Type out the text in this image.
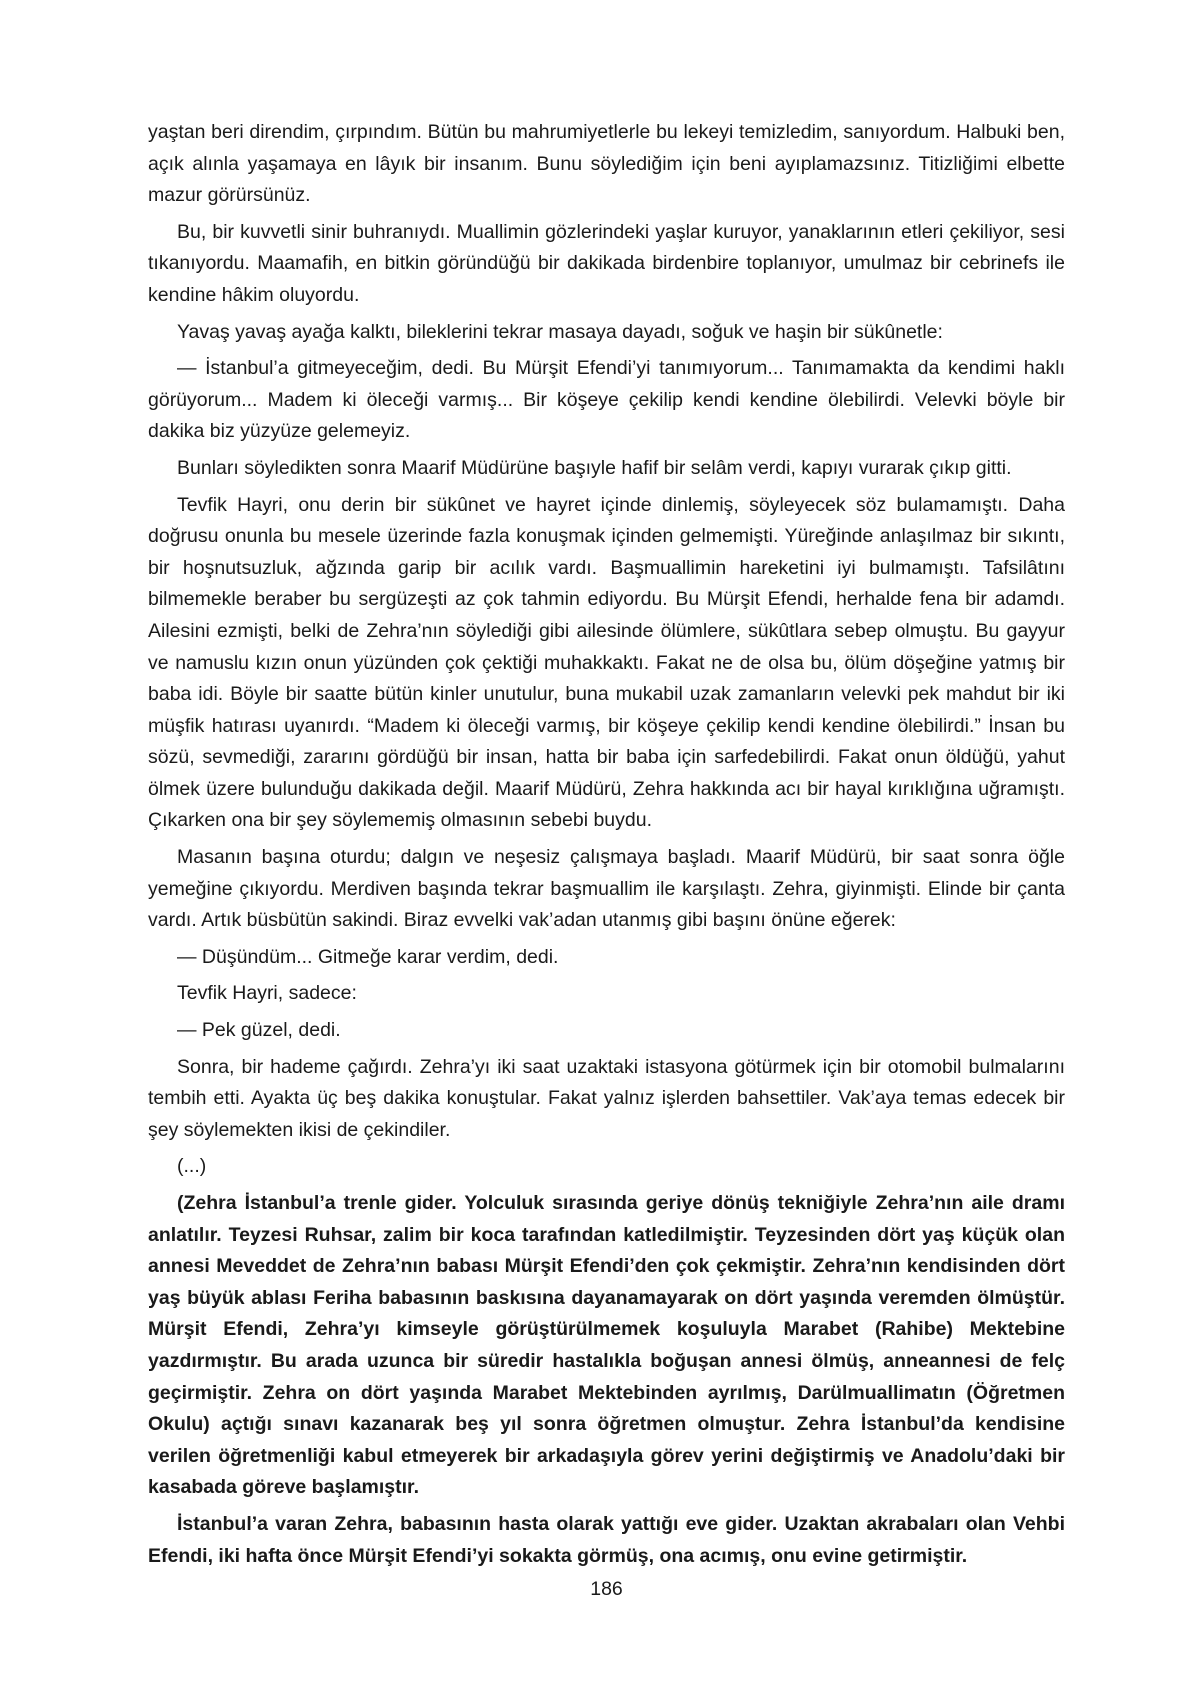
yaştan beri direndim, çırpındım. Bütün bu mahrumiyetlerle bu lekeyi temizledim, sanıyordum. Halbuki ben, açık alınla yaşamaya en lâyık bir insanım. Bunu söylediğim için beni ayıplamazsınız. Titizliğimi elbette mazur görürsünüz.

Bu, bir kuvvetli sinir buhranıydı. Muallimin gözlerindeki yaşlar kuruyor, yanaklarının etleri çekiliyor, sesi tıkanıyordu. Maamafih, en bitkin göründüğü bir dakikada birdenbire toplanıyor, umulmaz bir cebrinefs ile kendine hâkim oluyordu.

Yavaş yavaş ayağa kalktı, bileklerini tekrar masaya dayadı, soğuk ve haşin bir sükûnetle:

— İstanbul’a gitmeyeceğim, dedi. Bu Mürşit Efendi’yi tanımıyorum... Tanımamakta da kendimi haklı görüyorum... Madem ki öleceği varmış... Bir köşeye çekilip kendi kendine ölebilirdi. Velevki böyle bir dakika biz yüzyüze gelemeyiz.

Bunları söyledikten sonra Maarif Müdürüne başıyle hafif bir selâm verdi, kapıyı vurarak çıkıp gitti.

Tevfik Hayri, onu derin bir sükûnet ve hayret içinde dinlemiş, söyleyecek söz bulamamıştı. Daha doğrusu onunla bu mesele üzerinde fazla konuşmak içinden gelmemişti. Yüreğinde anlaşılmaz bir sıkıntı, bir hoşnutsuzluk, ağzında garip bir acılık vardı. Başmuallimin hareketini iyi bulmamıştı. Tafsilâtını bilmemekle beraber bu sergüzeşti az çok tahmin ediyordu. Bu Mürşit Efendi, herhalde fena bir adamdı. Ailesini ezmişti, belki de Zehra’nın söylediği gibi ailesinde ölümlere, sükûtlara sebep olmuştu. Bu gayyur ve namuslu kızın onun yüzünden çok çektiği muhakkaktı. Fakat ne de olsa bu, ölüm döşeğine yatmış bir baba idi. Böyle bir saatte bütün kinler unutulur, buna mukabil uzak zamanların velevki pek mahdut bir iki müşfik hatırası uyanırdı. “Madem ki öleceği varmış, bir köşeye çekilip kendi kendine ölebilirdi.” İnsan bu sözü, sevmediği, zararını gördüğü bir insan, hatta bir baba için sarfedebilirdi. Fakat onun öldüğü, yahut ölmek üzere bulunduğu dakikada değil. Maarif Müdürü, Zehra hakkında acı bir hayal kırıklığına uğramıştı. Çıkarken ona bir şey söylememiş olmasının sebebi buydu.

Masanın başına oturdu; dalgın ve neşesiz çalışmaya başladı. Maarif Müdürü, bir saat sonra öğle yemeğine çıkıyordu. Merdiven başında tekrar başmuallim ile karşılaştı. Zehra, giyinmişti. Elinde bir çanta vardı. Artık büsbütün sakindi. Biraz evvelki vak’adan utanmış gibi başını önüne eğerek:

— Düşündüm... Gitmeğe karar verdim, dedi.

Tevfik Hayri, sadece:

— Pek güzel, dedi.

Sonra, bir hademe çağırdı. Zehra’yı iki saat uzaktaki istasyona götürmek için bir otomobil bulmalarını tembih etti. Ayakta üç beş dakika konuştular. Fakat yalnız işlerden bahsettiler. Vak’aya temas edecek bir şey söylemekten ikisi de çekindiler.

(...)

(Zehra İstanbul’a trenle gider. Yolculuk sırasında geriye dönüş tekniğiyle Zehra’nın aile dramı anlatılır. Teyzesi Ruhsar, zalim bir koca tarafından katledilmiştir. Teyzesinden dört yaş küçük olan annesi Meveddet de Zehra’nın babası Mürşit Efendi’den çok çekmiştir. Zehra’nın kendisinden dört yaş büyük ablası Feriha babasının baskısına dayanamayarak on dört yaşında veremden ölmüştür. Mürşit Efendi, Zehra’yı kimseyle görüştürülmemek koşuluyla Marabet (Rahibe) Mektebine yazdırmıştır. Bu arada uzunca bir süredir hastalıkla boğuşan annesi ölmüş, anneannesi de felç geçirmiştir. Zehra on dört yaşında Marabet Mektebinden ayrılmış, Darülmuallimatın (Öğretmen Okulu) açtığı sınavı kazanarak beş yıl sonra öğretmen olmuştur. Zehra İstanbul’da kendisine verilen öğretmenliği kabul etmeyerek bir arkadaşıyla görev yerini değiştirmiş ve Anadolu’daki bir kasabada göreve başlamıştır.

İstanbul’a varan Zehra, babasının hasta olarak yattığı eve gider. Uzaktan akrabaları olan Vehbi Efendi, iki hafta önce Mürşit Efendi’yi sokakta görmüş, ona acımış, onu evine getirmiştir.

186
